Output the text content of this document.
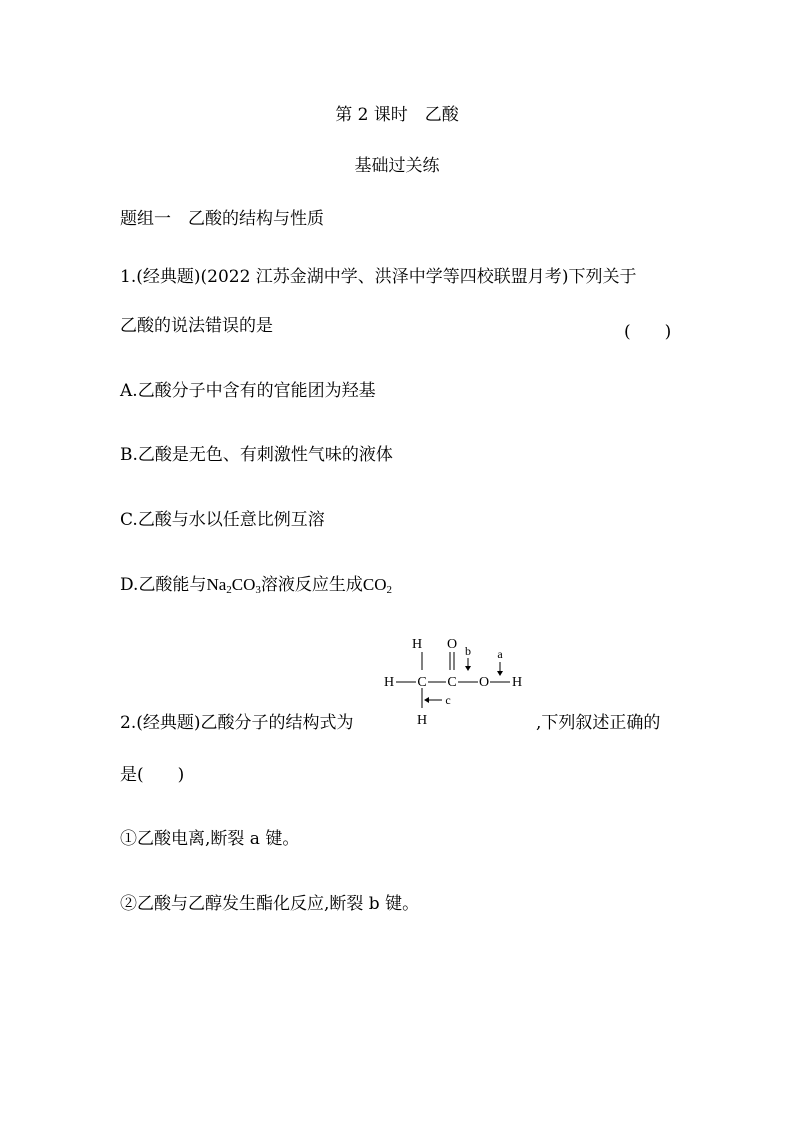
第 2 课时　乙酸
基础过关练
题组一　乙酸的结构与性质
1.(经典题)(2022 江苏金湖中学、洪泽中学等四校联盟月考)下列关于
乙酸的说法错误的是	(　　)
A.乙酸分子中含有的官能团为羟基
B.乙酸是无色、有刺激性气味的液体
C.乙酸与水以任意比例互溶
D.乙酸能与$Na_2CO_3$溶液反应生成$CO_2$
2.(经典题)乙酸分子的结构式为	,下列叙述正确的
是(　　)
H
H C
O b
C O
a
H
H
c
①乙酸电离,断裂 a 键。
②乙酸与乙醇发生酯化反应,断裂 b 键。
